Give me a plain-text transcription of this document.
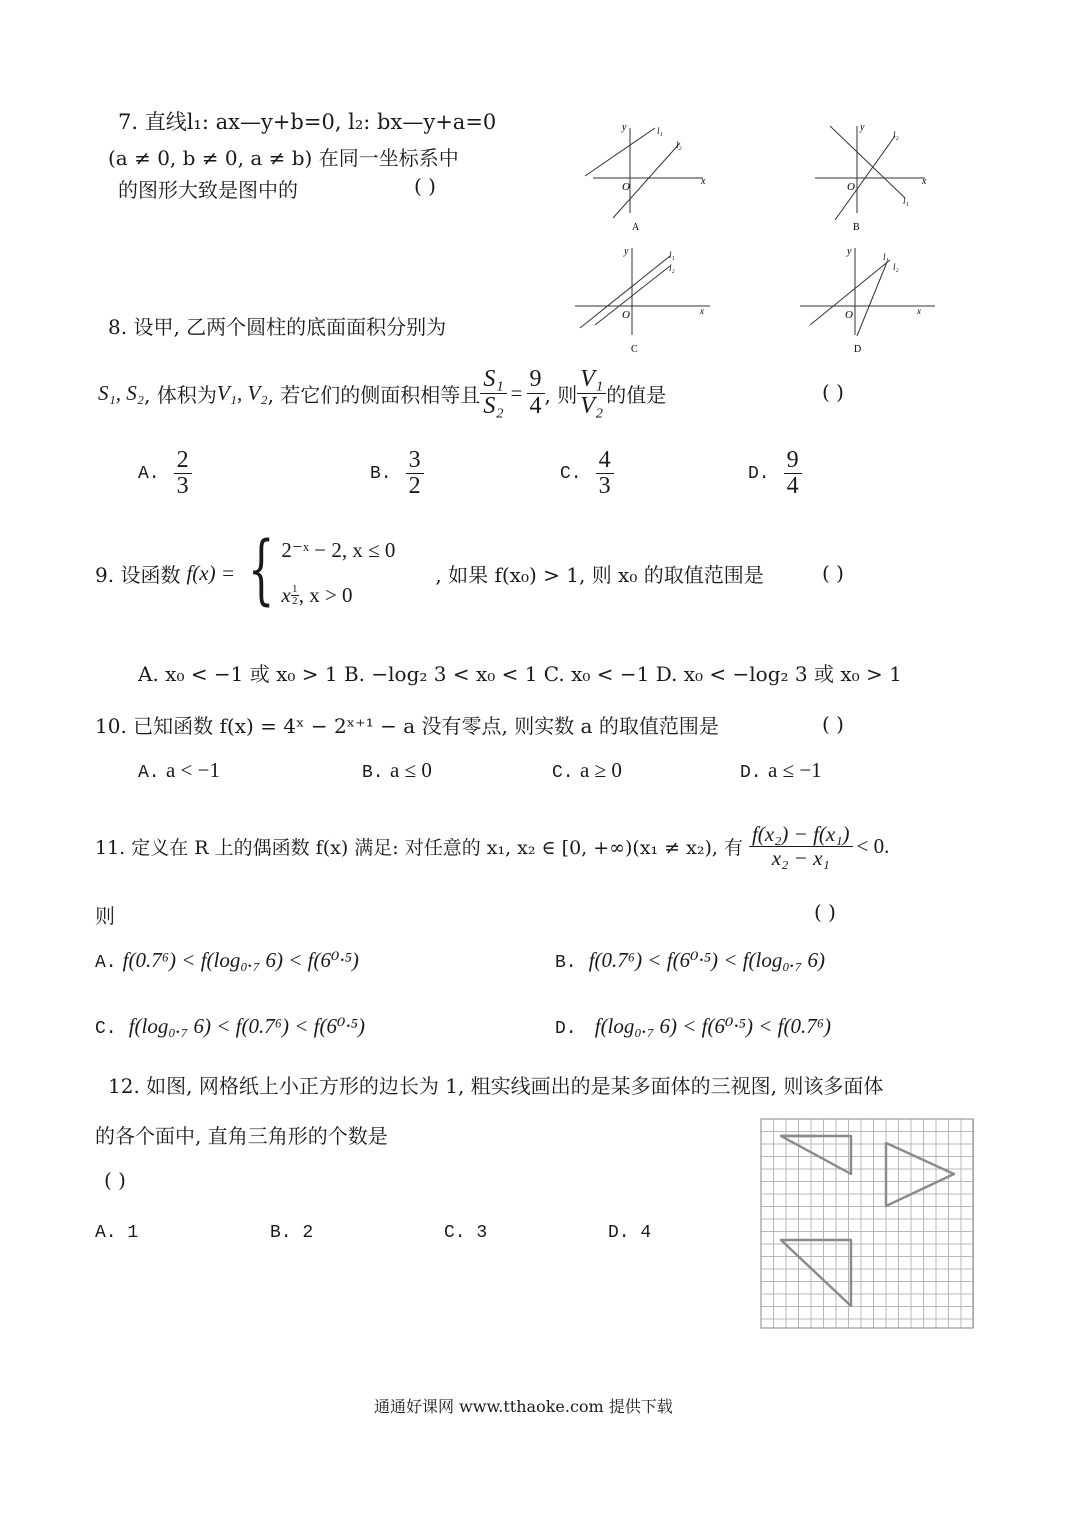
7. 直线l₁: ax—y+b=0, l₂: bx—y+a=0
(a ≠ 0, b ≠ 0, a ≠ b) 在同一坐标系中
的图形大致是图中的	( )
y
x
O
l₁
l₂
A
y
x
O
l₁
l₂
B
y
x
O
l₁
l₂
C
y
x
O
l₁
l₂
D
8. 设甲, 乙两个圆柱的底面面积分别为
S₁, S₂ , 体积为 V₁, V₂ , 若它们的侧面积相等且 $\frac{\text{S₁}}{\text{S₂}} = \frac{9}{4}$ , 则 $\frac{\text{V₁}}{\text{V₂}}$ 的值是	( )
A. $\frac{2}{3}$	B. $\frac{3}{2}$	C. $\frac{4}{3}$	D. $\frac{9}{4}$
9. 设函数 f(x) = { 2⁻ˣ − 2, x ≤ 0
x $^{\frac{1}{2}}$ , x > 0
, 如果 f(x₀) > 1, 则 x₀ 的取值范围是	( )
A. x₀ < −1 或 x₀ > 1 B. −log₂ 3 < x₀ < 1 C. x₀ < −1 D. x₀ < −log₂ 3 或 x₀ > 1
10. 已知函数 f(x) = 4ˣ − 2ˣ⁺¹ − a 没有零点, 则实数 a 的取值范围是	( )
A. a < −1	B. a ≤ 0	C. a ≥ 0	D. a ≤ −1
11. 定义在 R 上的偶函数 f(x) 满足: 对任意的 x₁, x₂ ∈ [0, +∞)(x₁ ≠ x₂), 有 $\frac{\text{f(x₂) − f(x₁)}}{\text{x₂ − x₁}} < 0$.
则	( )
A. f(0.7⁶) < f(log₀.₇ 6) < f(6⁰·⁵)	B. f(0.7⁶) < f(6⁰·⁵) < f(log₀.₇ 6)
C. f(log₀.₇ 6) < f(0.7⁶) < f(6⁰·⁵)	D. f(log₀.₇ 6) < f(6⁰·⁵) < f(0.7⁶)
12. 如图, 网格纸上小正方形的边长为 1, 粗实线画出的是某多面体的三视图, 则该多面体
的各个面中, 直角三角形的个数是
( )
A. 1	B. 2	C. 3	D. 4
通通好课网 www.tthaoke.com 提供下载
